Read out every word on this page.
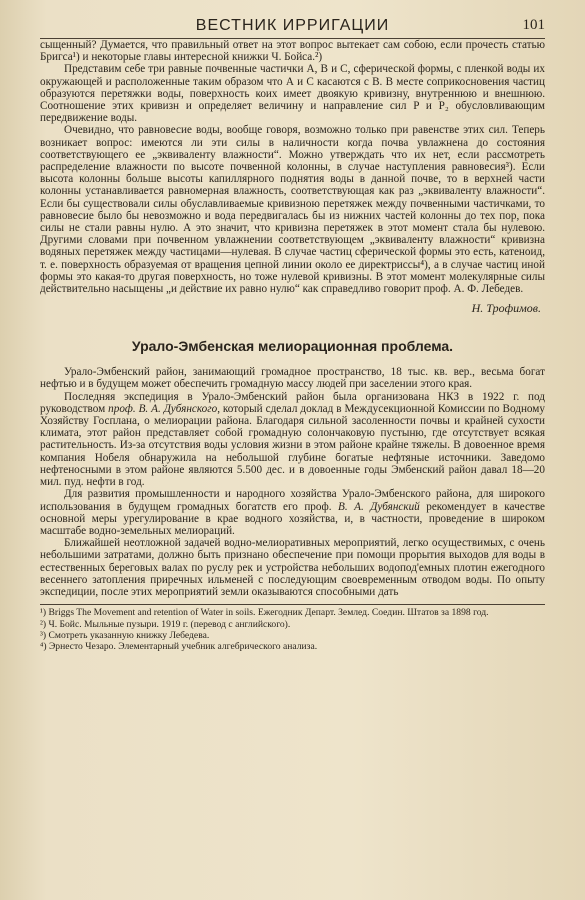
ВЕСТНИК ИРРИГАЦИИ	101

сыщенный? Думается, что правильный ответ на этот вопрос вытекает сам собою, если прочесть статью Бригса¹) и некоторые главы интересной книжки Ч. Бойса.²)

Представим себе три равные почвенные частички А, В и С, сферической формы, с пленкой воды их окружающей и расположенные таким образом что А и С касаются с В. В месте соприкосновения частиц образуются перетяжки воды, поверхность коих имеет двоякую кривизну, внутреннюю и внешнюю. Соотношение этих кривизн и определяет величину и направление сил P и P₂ обусловливающим передвижение воды.

Очевидно, что равновесие воды, вообще говоря, возможно только при равенстве этих сил. Теперь возникает вопрос: имеются ли эти силы в наличности когда почва увлажнена до состояния соответствующего ее „эквиваленту влажности“. Можно утверждать что их нет, если рассмотреть распределение влажности по высоте почвенной колонны, в случае наступления равновесия³). Если высота колонны больше высоты капиллярного поднятия воды в данной почве, то в верхней части колонны устанавливается равномерная влажность, соответствующая как раз „эквиваленту влажности“. Если бы существовали силы обуславливаемые кривизною перетяжек между почвенными частичками, то равновесие было бы невозможно и вода передвигалась бы из нижних частей колонны до тех пор, пока силы не стали равны нулю. А это значит, что кривизна перетяжек в этот момент стала бы нулевою. Другими словами при почвенном увлажнении соответствующем „эквиваленту влажности“ кривизна водяных перетяжек между частицами—нулевая. В случае частиц сферической формы это есть, катеноид, т. е. поверхность образуемая от вращения цепной линии около ее директриссы⁴), а в случае частиц иной формы это какая-то другая поверхность, но тоже нулевой кривизны. В этот момент молекулярные силы действительно насыщены „и действие их равно нулю“ как справедливо говорит проф. А. Ф. Лебедев.

Н. Трофимов.
Урало-Эмбенская мелиорационная проблема.

Урало-Эмбенский район, занимающий громадное пространство, 18 тыс. кв. вер., весьма богат нефтью и в будущем может обеспечить громадную массу людей при заселении этого края.

Последняя экспедиция в Урало-Эмбенский район была организована НКЗ в 1922 г. под руководством проф. В. А. Дубянского, который сделал доклад в Междусекционной Комиссии по Водному Хозяйству Госплана, о мелиорации района. Благодаря сильной засоленности почвы и крайней сухости климата, этот район представляет собой громадную солончаковую пустыню, где отсутствует всякая растительность. Из-за отсутствия воды условия жизни в этом районе крайне тяжелы. В довоенное время компания Нобеля обнаружила на небольшой глубине богатые нефтяные источники. Заведомо нефтеносными в этом районе являются 5.500 дес. и в довоенные годы Эмбенский район давал 18—20 мил. пуд. нефти в год.

Для развития промышленности и народного хозяйства Урало-Эмбенского района, для широкого использования в будущем громадных богатств его проф. В. А. Дубянский рекомендует в качестве основной меры урегулирование в крае водного хозяйства, и, в частности, проведение в широком масштабе водно-земельных мелиораций.

Ближайшей неотложной задачей водно-мелиоративных мероприятий, легко осуществимых, с очень небольшими затратами, должно быть признано обеспечение при помощи прорытия выходов для воды в естественных береговых валах по руслу рек и устройства небольших водопод'емных плотин ежегодного весеннего затопления приречных ильменей с последующим своевременным отводом воды. По опыту экспедиции, после этих мероприятий земли оказываются способными дать

¹) Briggs The Movement and retention of Water in soils. Ежегодник Департ. Землед. Соедин. Штатов за 1898 год.

²) Ч. Бойс. Мыльные пузыри. 1919 г. (перевод с английского).

³) Смотреть указанную книжку Лебедева.

⁴) Эрнесто Чезаро. Элементарный учебник алгебрического анализа.
